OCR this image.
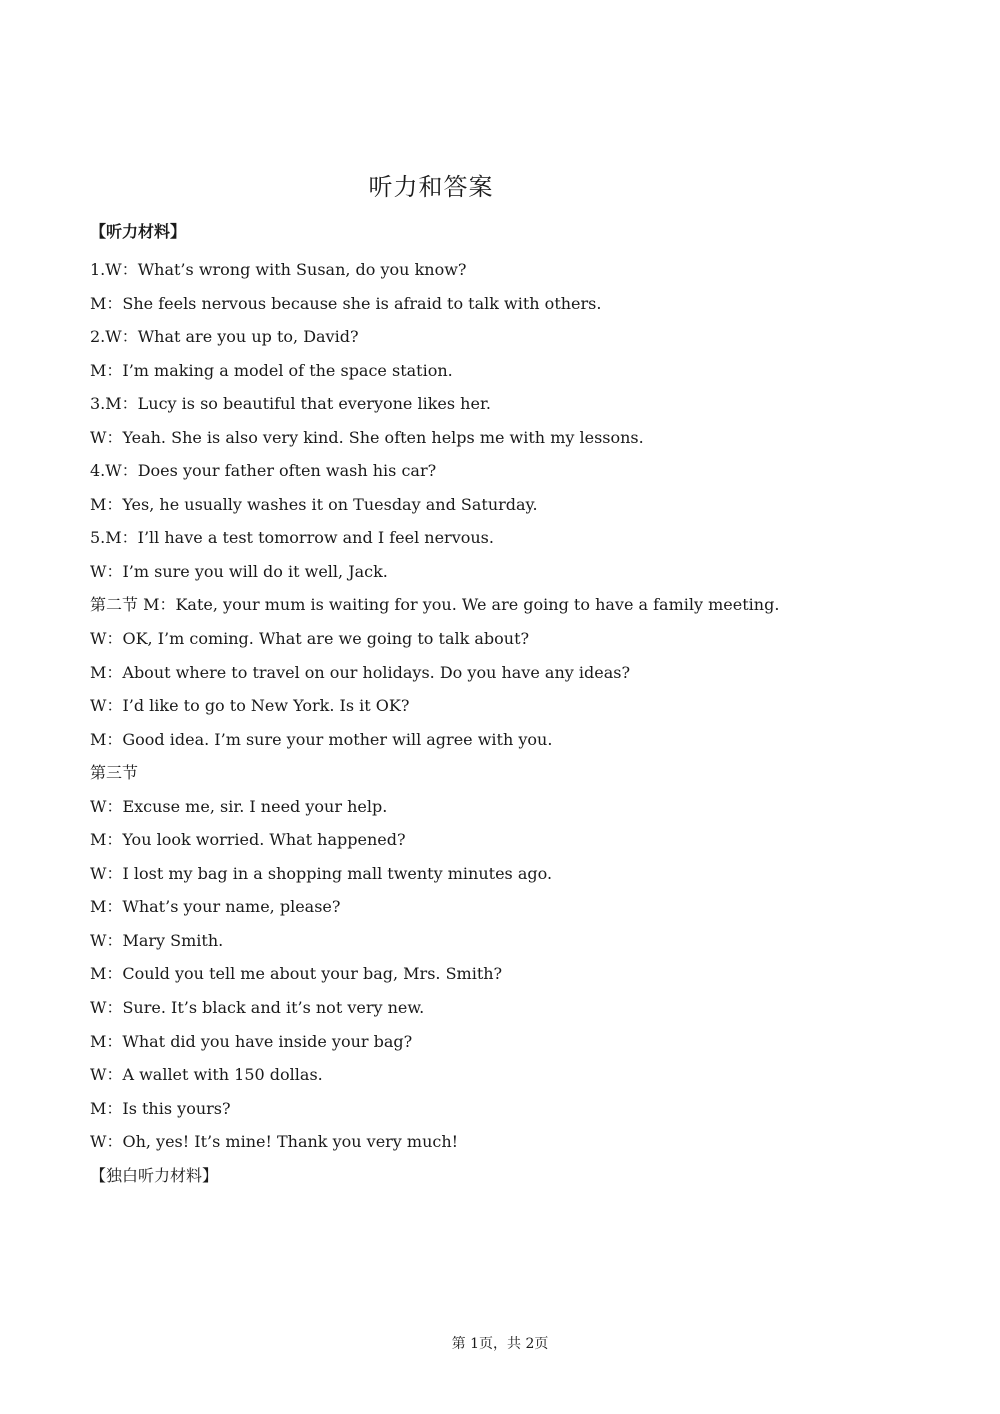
听力和答案
【听力材料】
1.W：What’s wrong with Susan, do you know?
M：She feels nervous because she is afraid to talk with others.
2.W：What are you up to, David?
M：I’m making a model of the space station.
3.M：Lucy is so beautiful that everyone likes her.
W：Yeah. She is also very kind. She often helps me with my lessons.
4.W：Does your father often wash his car?
M：Yes, he usually washes it on Tuesday and Saturday.
5.M：I’ll have a test tomorrow and I feel nervous.
W：I’m sure you will do it well, Jack.
第二节 M：Kate, your mum is waiting for you. We are going to have a family meeting.
W：OK, I’m coming. What are we going to talk about?
M：About where to travel on our holidays. Do you have any ideas?
W：I’d like to go to New York. Is it OK?
M：Good idea. I’m sure your mother will agree with you.
第三节
W：Excuse me, sir. I need your help.
M：You look worried. What happened?
W：I lost my bag in a shopping mall twenty minutes ago.
M：What’s your name, please?
W：Mary Smith.
M：Could you tell me about your bag, Mrs. Smith?
W：Sure. It’s black and it’s not very new.
M：What did you have inside your bag?
W：A wallet with 150 dollas.
M：Is this yours?
W：Oh, yes! It’s mine! Thank you very much!
【独白听力材料】
第 1页，共 2页
